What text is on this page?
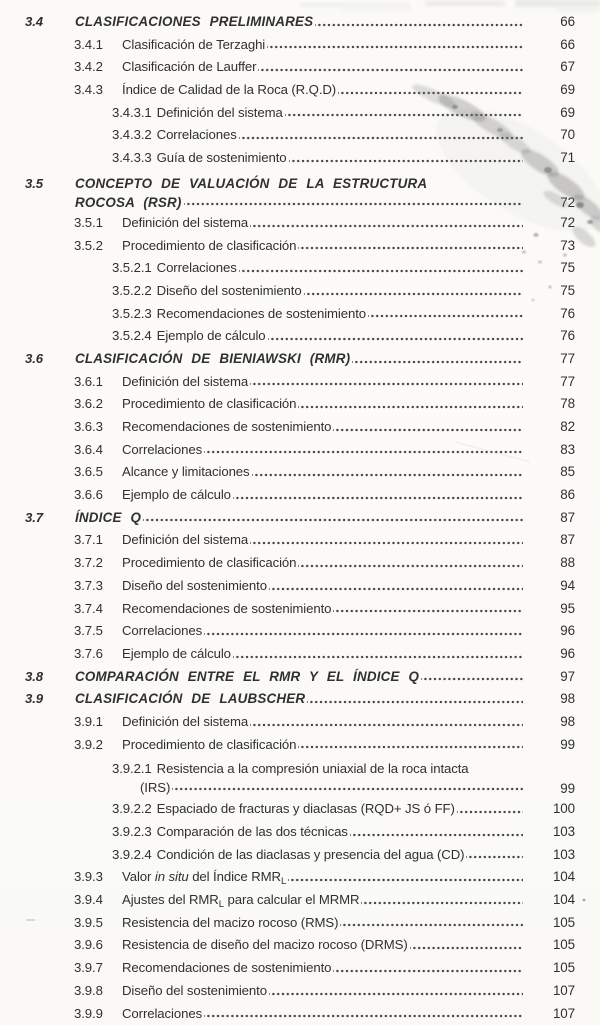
3.4	CLASIFICACIONES PRELIMINARES	66
3.4.1	Clasificación de Terzaghi	66
3.4.2	Clasificación de Lauffer	67
3.4.3	Índice de Calidad de la Roca (R.Q.D)	69
3.4.3.1 Definición del sistema	69
3.4.3.2 Correlaciones	70
3.4.3.3 Guía de sostenimiento	71
3.5	CONCEPTO DE VALUACIÓN DE LA ESTRUCTURA
ROCOSA (RSR)	72
3.5.1	Definición del sistema	72
3.5.2	Procedimiento de clasificación	73
3.5.2.1 Correlaciones	75
3.5.2.2 Diseño del sostenimiento	75
3.5.2.3 Recomendaciones de sostenimiento	76
3.5.2.4 Ejemplo de cálculo	76
3.6	CLASIFICACIÓN DE BIENIAWSKI (RMR)	77
3.6.1	Definición del sistema	77
3.6.2	Procedimiento de clasificación	78
3.6.3	Recomendaciones de sostenimiento	82
3.6.4	Correlaciones	83
3.6.5	Alcance y limitaciones	85
3.6.6	Ejemplo de cálculo	86
3.7	ÍNDICE Q	87
3.7.1	Definición del sistema	87
3.7.2	Procedimiento de clasificación	88
3.7.3	Diseño del sostenimiento	94
3.7.4	Recomendaciones de sostenimiento	95
3.7.5	Correlaciones	96
3.7.6	Ejemplo de cálculo	96
3.8	COMPARACIÓN ENTRE EL RMR Y EL ÍNDICE Q	97
3.9	CLASIFICACIÓN DE LAUBSCHER	98
3.9.1	Definición del sistema	98
3.9.2	Procedimiento de clasificación	99
3.9.2.1 Resistencia a la compresión uniaxial de la roca intacta
(IRS)	99
3.9.2.2 Espaciado de fracturas y diaclasas (RQD+ JS ó FF)	100
3.9.2.3 Comparación de las dos técnicas	103
3.9.2.4 Condición de las diaclasas y presencia del agua (CD)	103
3.9.3	Valor in situ del Índice $RMR_L$	104
3.9.4	Ajustes del $RMR_L$ para calcular el MRMR	104
3.9.5	Resistencia del macizo rocoso (RMS)	105
3.9.6	Resistencia de diseño del macizo rocoso (DRMS)	105
3.9.7	Recomendaciones de sostenimiento	105
3.9.8	Diseño del sostenimiento	107
3.9.9	Correlaciones	107
